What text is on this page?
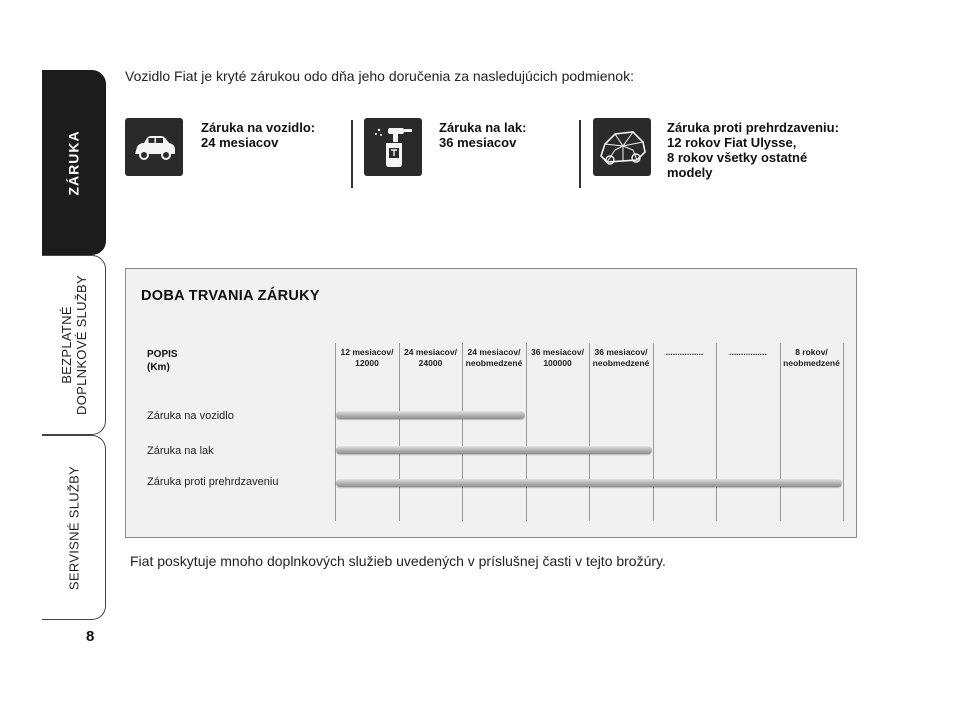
ZÁRUKA
BEZPLATNÉ DOPLNKOVÉ SLUŽBY
SERVISNÉ SLUŽBY
8
Vozidlo Fiat je kryté zárukou odo dňa jeho doručenia za nasledujúcich podmienok:
Záruka na vozidlo:
24 mesiacov
Záruka na lak:
36 mesiacov
Záruka proti prehrdzaveniu:
12 rokov Fiat Ulysse,
8 rokov všetky ostatné
modely
DOBA TRVANIA ZÁRUKY
POPIS
(Km)
Záruka na vozidlo
Záruka na lak
Záruka proti prehrdzaveniu
12 mesiacov/
12000
24 mesiacov/
24000
24 mesiacov/
neobmedzené
36 mesiacov/
100000
36 mesiacov/
neobmedzené
................	................	8 rokov/
neobmedzené
Fiat poskytuje mnoho doplnkových služieb uvedených v príslušnej časti v tejto brožúry.
